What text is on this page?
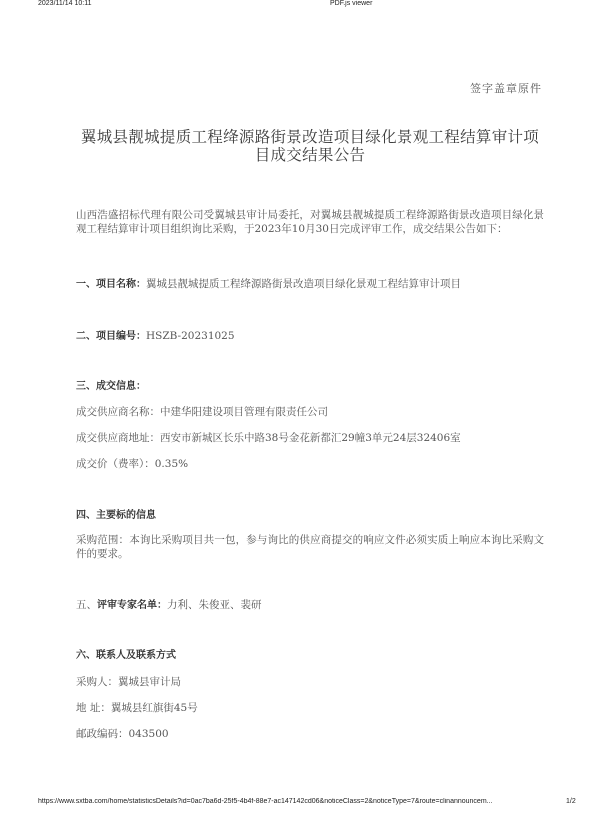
2023/11/14 10:11	PDF.js viewer
签字盖章原件
翼城县靓城提质工程绛源路街景改造项目绿化景观工程结算审计项目成交结果公告
山西浩盛招标代理有限公司受翼城县审计局委托，对翼城县靓城提质工程绛源路街景改造项目绿化景观工程结算审计项目组织询比采购，于2023年10月30日完成评审工作，成交结果公告如下：
一、项目名称：翼城县靓城提质工程绛源路街景改造项目绿化景观工程结算审计项目
二、项目编号：HSZB-20231025
三、成交信息：
成交供应商名称：中建华阳建设项目管理有限责任公司
成交供应商地址：西安市新城区长乐中路38号金花新都汇29幢3单元24层32406室
成交价（费率）：0.35%
四、主要标的信息
采购范围：本询比采购项目共一包，参与询比的供应商提交的响应文件必须实质上响应本询比采购文件的要求。
五、评审专家名单：力利、朱俊亚、裴研
六、联系人及联系方式
采购人：翼城县审计局
地 址：翼城县红旗街45号
邮政编码：043500
https://www.sxtba.com/home/statisticsDetails?id=0ac7ba6d-25f5-4b4f-88e7-ac147142cd06&noticeClass=2&noticeType=7&route=clinannouncem...	1/2
